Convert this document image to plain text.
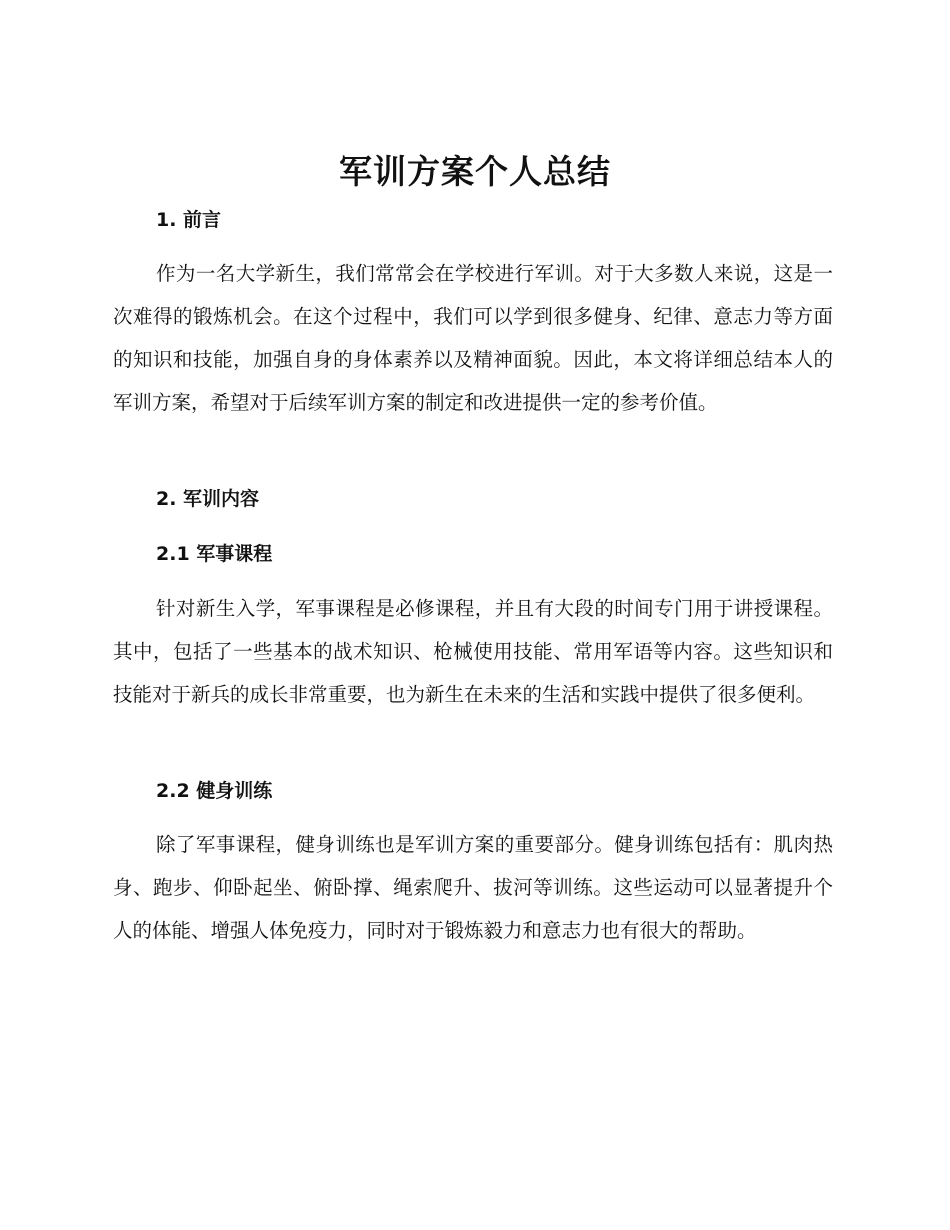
军训方案个人总结
1. 前言

作为一名大学新生，我们常常会在学校进行军训。对于大多数人来说，这是一次难得的锻炼机会。在这个过程中，我们可以学到很多健身、纪律、意志力等方面的知识和技能，加强自身的身体素养以及精神面貌。因此，本文将详细总结本人的军训方案，希望对于后续军训方案的制定和改进提供一定的参考价值。

2. 军训内容
2.1 军事课程

针对新生入学，军事课程是必修课程，并且有大段的时间专门用于讲授课程。其中，包括了一些基本的战术知识、枪械使用技能、常用军语等内容。这些知识和技能对于新兵的成长非常重要，也为新生在未来的生活和实践中提供了很多便利。

2.2 健身训练

除了军事课程，健身训练也是军训方案的重要部分。健身训练包括有：肌肉热身、跑步、仰卧起坐、俯卧撑、绳索爬升、拔河等训练。这些运动可以显著提升个人的体能、增强人体免疫力，同时对于锻炼毅力和意志力也有很大的帮助。
